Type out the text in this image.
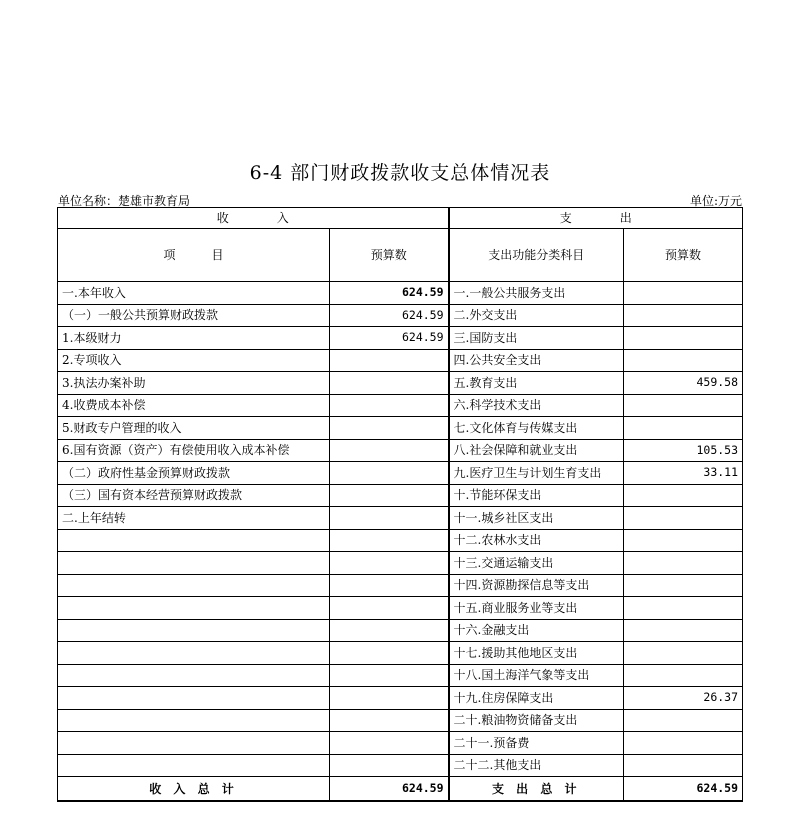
6-4 部门财政拨款收支总体情况表
单位名称：楚雄市教育局	单位:万元
收　　　　入		支　　　　出	
项　　　目	预算数	支出功能分类科目	预算数
一.本年收入	624.59	一.一般公共服务支出	
（一）一般公共预算财政拨款	624.59	二.外交支出	
1.本级财力	624.59	三.国防支出	
2.专项收入		四.公共安全支出	
3.执法办案补助		五.教育支出	459.58
4.收费成本补偿		六.科学技术支出	
5.财政专户管理的收入		七.文化体育与传媒支出	
6.国有资源（资产）有偿使用收入成本补偿		八.社会保障和就业支出	105.53
（二）政府性基金预算财政拨款		九.医疗卫生与计划生育支出	33.11
（三）国有资本经营预算财政拨款		十.节能环保支出	
二.上年结转		十一.城乡社区支出	
		十二.农林水支出	
		十三.交通运输支出	
		十四.资源勘探信息等支出	
		十五.商业服务业等支出	
		十六.金融支出	
		十七.援助其他地区支出	
		十八.国土海洋气象等支出	
		十九.住房保障支出	26.37
		二十.粮油物资储备支出	
		二十一.预备费	
		二十二.其他支出	
收 入 总 计	624.59	支 出 总 计	624.59
